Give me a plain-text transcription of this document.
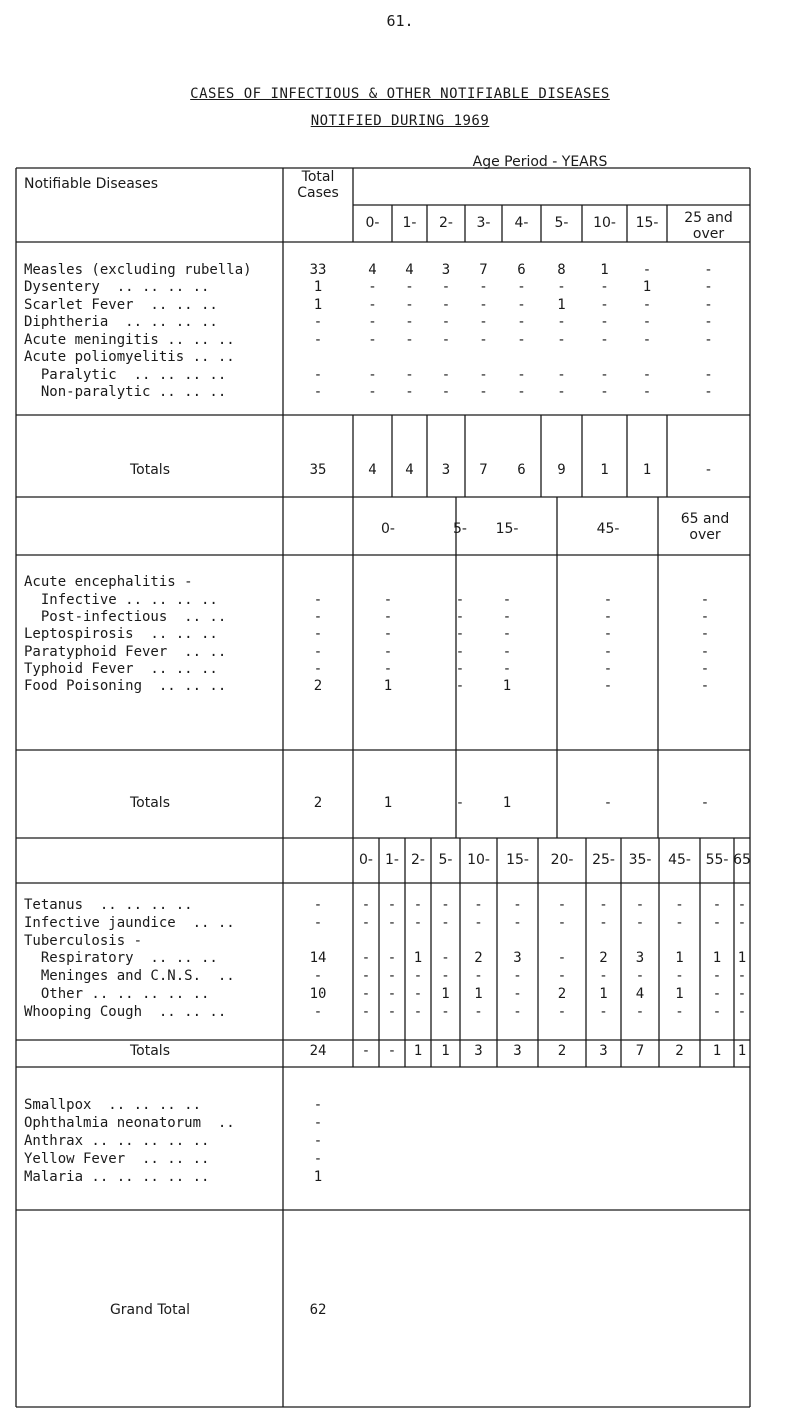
61.
CASES OF INFECTIOUS & OTHER NOTIFIABLE DISEASES
NOTIFIED DURING 1969
Notifiable Diseases	Total
Cases
Age Period - YEARS
0- 1- 2- 3- 4- 5- 10- 15-	25 and over
Measles (excluding rubella)	33	4 4 3 7 6 8 1 -	-
Dysentery  .. .. .. ..	1	- - - - - - - 1	-
Scarlet Fever  .. .. ..	1	- - - - - 1 - -	-
Diphtheria  .. .. .. ..	-	- - - - - - - -	-
Acute meningitis .. .. ..	-	- - - - - - - -	-
Acute poliomyelitis .. ..
Paralytic  .. .. .. ..	-	- - - - - - - -	-
Non-paralytic .. .. ..	-	- - - - - - - -	-
Totals	35	4 4 3 7 6 9 1 1	-
0-	5- 15-	45-
65 and over
Acute encephalitis -
Infective .. .. .. ..	-	-	-	-	-	-
Post-infectious  .. ..	-	-	-	-	-	-
Leptospirosis  .. .. ..	-	-	-	-	-	-
Paratyphoid Fever  .. ..	-	-	-	-	-	-
Typhoid Fever  .. .. ..	-	-	-	-	-	-
Food Poisoning  .. .. ..	2	1	-	1	-	-
Totals	2	1	-	1	-	-
0- 1- 2- 5- 10- 15- 20- 25- 35- 45- 55- 65
Tetanus  .. .. .. ..	-	- - - - - -	- - - - - -
Infective jaundice  .. ..	-	- - - - - -	- - - - - -
Tuberculosis -
Respiratory  .. .. ..	14	- - 1 - 2 3	- 2 3 1 1 1
Meninges and C.N.S.  ..	-	- - - - - -	- - - - - -
Other .. .. .. .. ..	10	- - - 1 1 -	2 1 4 1 - -
Whooping Cough  .. .. ..	-	- - - - - -	- - - - - -
Totals	24	- - 1 1 3 3	2 3 7 2 1 1
Smallpox  .. .. .. ..	-
Ophthalmia neonatorum  ..	-
Anthrax .. .. .. .. ..	-
Yellow Fever  .. .. ..	-
Malaria .. .. .. .. ..	1
Grand Total	62
